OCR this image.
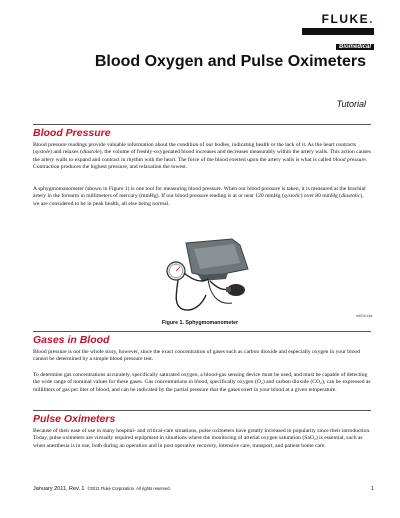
FLUKE.
Biomedical
Blood Oxygen and Pulse Oximeters
Tutorial
Blood Pressure
Blood pressure readings provide valuable information about the condition of our bodies, indicating health or the lack of it. As the heart contracts (systole) and relaxes (diastole), the volume of freshly-oxygenated blood increases and decreases measurably within the artery walls. This action causes the artery walls to expand and contract in rhythm with the heart. The force of the blood exerted upon the artery walls is what is called blood pressure. Contraction produces the highest pressure, and relaxation the lowest.
A sphygmomanometer (shown in Figure 1) is one tool for measuring blood pressure. When our blood pressure is taken, it is measured at the brachial artery in the forearm in millimeters of mercury (mmHg). If our blood pressure reading is at or near 120 mmHg (systolic) over 80 mmHg (diastolic), we are considered to be in peak health, all else being normal.
ref01b.eps
Figure 1. Sphygmomanometer
Gases in Blood
Blood pressure is not the whole story, however, since the exact concentration of gases such as carbon dioxide and especially oxygen in your blood cannot be determined by a simple blood pressure test.
To determine gas concentrations accurately, specifically saturated oxygen, a blood-gas sensing device must be used, and must be capable of detecting the wide range of nominal values for these gases. Gas concentrations in blood, specifically oxygen (O₂) and carbon dioxide (CO₂), can be expressed as milliliters of gas per liter of blood, and can be indicated by the partial pressure that the gases exert in your blood at a given temperature.
Pulse Oximeters
Because of their ease of use in many hospital- and critical-care situations, pulse oximeters have greatly increased in popularity since their introduction. Today, pulse oximeters are virtually required equipment in situations where the monitoring of arterial oxygen saturation (SaO₂) is essential, such as when anesthesia is in use, both during an operation and in post operative recovery, intensive care, transport, and patient home care.
January 2011, Rev. 1 ©2011 Fluke Corporation. All rights reserved.	1
